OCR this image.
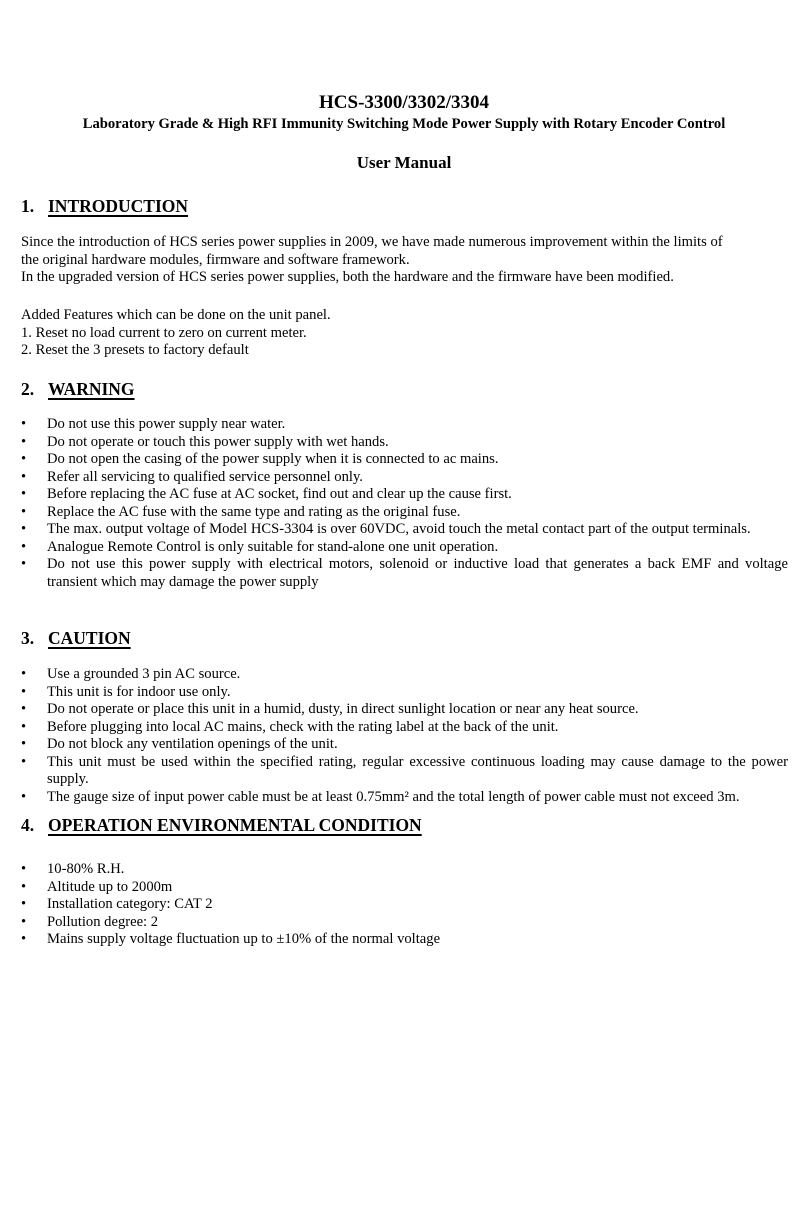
HCS-3300/3302/3304
Laboratory Grade & High RFI Immunity Switching Mode Power Supply with Rotary Encoder Control
User Manual
1. INTRODUCTION
Since the introduction of HCS series power supplies in 2009, we have made numerous improvement within the limits of
the original hardware modules, firmware and software framework.
In the upgraded version of HCS series power supplies, both the hardware and the firmware have been modified.
Added Features which can be done on the unit panel.
1. Reset no load current to zero on current meter.
2. Reset the 3 presets to factory default
2. WARNING
•	Do not use this power supply near water.
•	Do not operate or touch this power supply with wet hands.
•	Do not open the casing of the power supply when it is connected to ac mains.
•	Refer all servicing to qualified service personnel only.
•	Before replacing the AC fuse at AC socket, find out and clear up the cause first.
•	Replace the AC fuse with the same type and rating as the original fuse.
•	The max. output voltage of Model HCS-3304 is over 60VDC, avoid touch the metal contact part of the output terminals.
•	Analogue Remote Control is only suitable for stand-alone one unit operation.
•	Do not use this power supply with electrical motors, solenoid or inductive load that generates a back EMF and voltage transient which may damage the power supply
3. CAUTION
•	Use a grounded 3 pin AC source.
•	This unit is for indoor use only.
•	Do not operate or place this unit in a humid, dusty, in direct sunlight location or near any heat source.
•	Before plugging into local AC mains, check with the rating label at the back of the unit.
•	Do not block any ventilation openings of the unit.
•	This unit must be used within the specified rating, regular excessive continuous loading may cause damage to the power supply.
•	The gauge size of input power cable must be at least 0.75mm² and the total length of power cable must not exceed 3m.
4. OPERATION ENVIRONMENTAL CONDITION
•	10-80% R.H.
•	Altitude up to 2000m
•	Installation category: CAT 2
•	Pollution degree: 2
•	Mains supply voltage fluctuation up to ±10% of the normal voltage
